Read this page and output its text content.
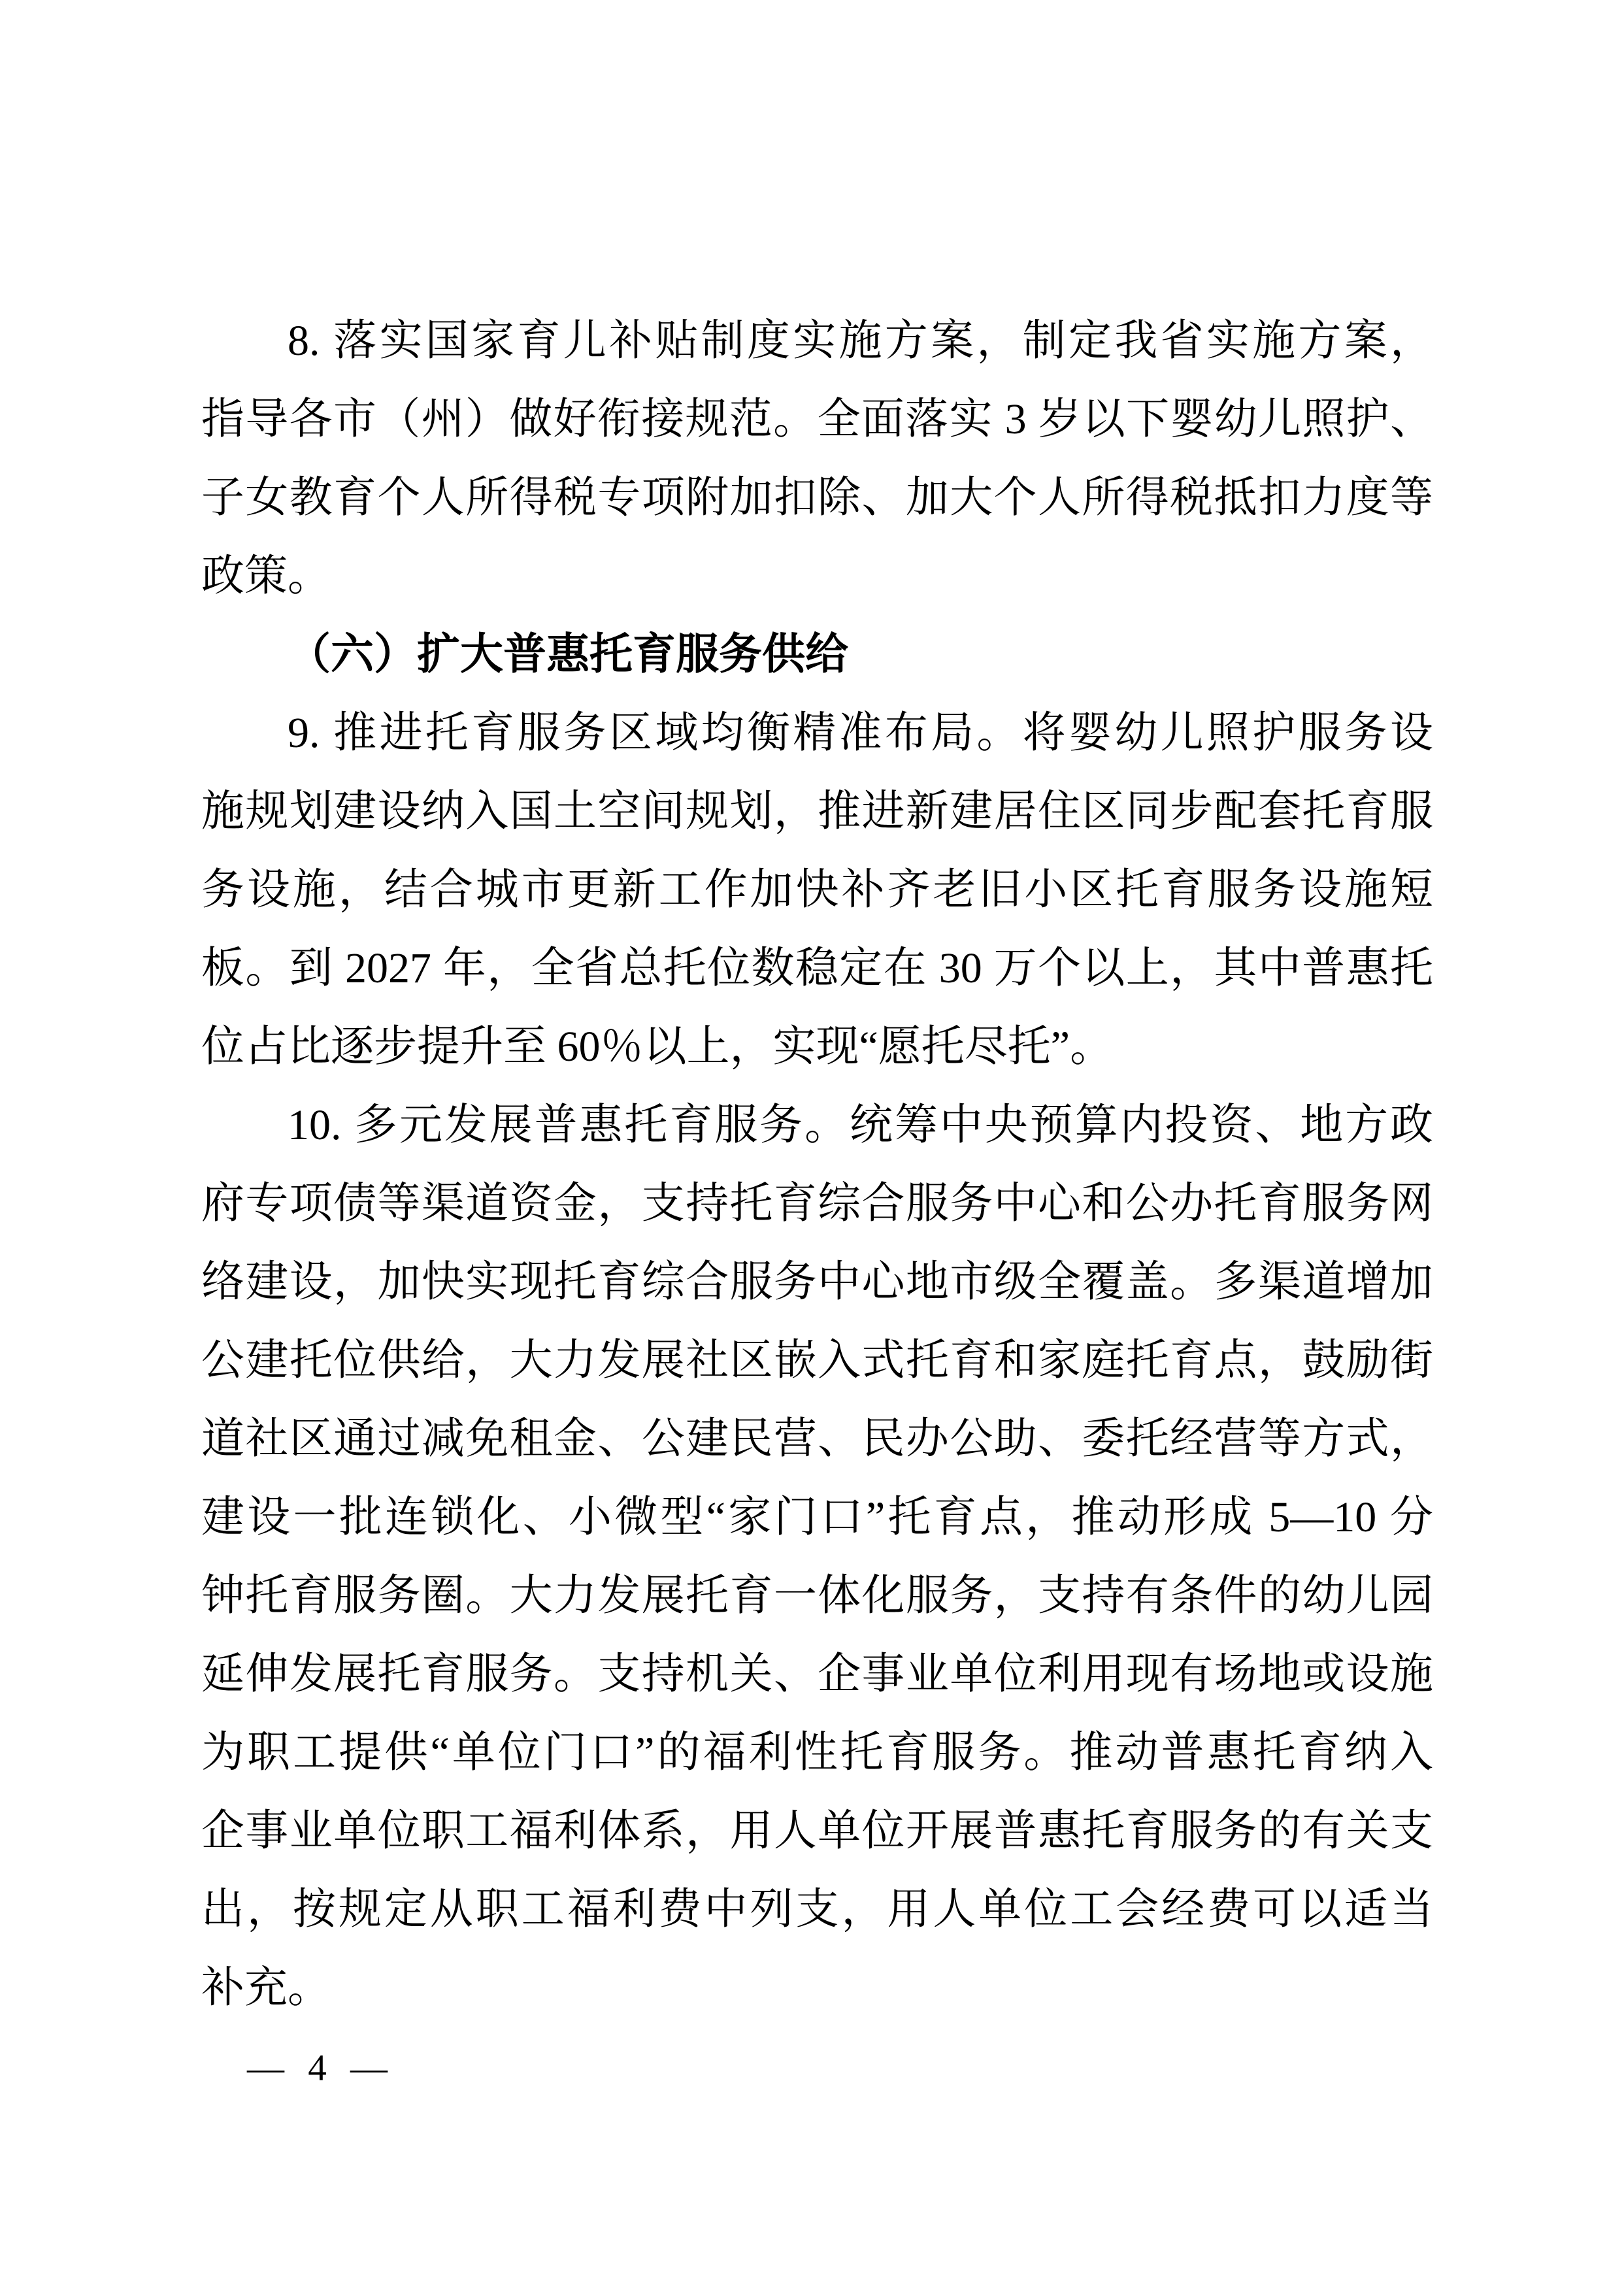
8. 落实国家育儿补贴制度实施方案，制定我省实施方案，
指导各市（州）做好衔接规范。全面落实 3 岁以下婴幼儿照护、
子女教育个人所得税专项附加扣除、加大个人所得税抵扣力度等
政策。
（六）扩大普惠托育服务供给
9. 推进托育服务区域均衡精准布局。将婴幼儿照护服务设
施规划建设纳入国土空间规划，推进新建居住区同步配套托育服
务设施，结合城市更新工作加快补齐老旧小区托育服务设施短
板。到 2027 年，全省总托位数稳定在 30 万个以上，其中普惠托
位占比逐步提升至 60％以上，实现“愿托尽托”。
10. 多元发展普惠托育服务。统筹中央预算内投资、地方政
府专项债等渠道资金，支持托育综合服务中心和公办托育服务网
络建设，加快实现托育综合服务中心地市级全覆盖。多渠道增加
公建托位供给，大力发展社区嵌入式托育和家庭托育点，鼓励街
道社区通过减免租金、公建民营、民办公助、委托经营等方式，
建设一批连锁化、小微型“家门口”托育点，推动形成 5—10 分
钟托育服务圈。大力发展托育一体化服务，支持有条件的幼儿园
延伸发展托育服务。支持机关、企事业单位利用现有场地或设施
为职工提供“单位门口”的福利性托育服务。推动普惠托育纳入
企事业单位职工福利体系，用人单位开展普惠托育服务的有关支
出，按规定从职工福利费中列支，用人单位工会经费可以适当
补充。
— 4 —
